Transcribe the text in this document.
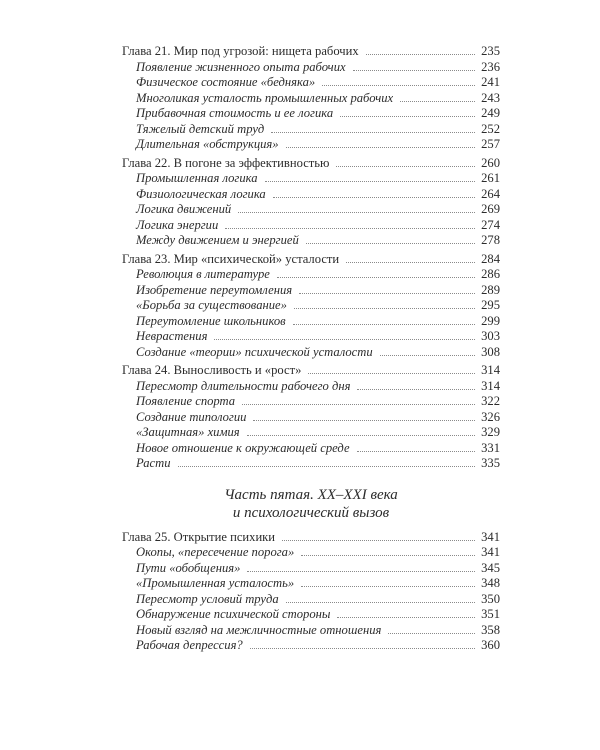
Глава 21. Мир под угрозой: нищета рабочих	235
Появление жизненного опыта рабочих	236
Физическое состояние «бедняка»	241
Многоликая усталость промышленных рабочих	243
Прибавочная стоимость и ее логика	249
Тяжелый детский труд	252
Длительная «обструкция»	257
Глава 22. В погоне за эффективностью	260
Промышленная логика	261
Физиологическая логика	264
Логика движений	269
Логика энергии	274
Между движением и энергией	278
Глава 23. Мир «психической» усталости	284
Революция в литературе	286
Изобретение переутомления	289
«Борьба за существование»	295
Переутомление школьников	299
Неврастения	303
Создание «теории» психической усталости	308
Глава 24. Выносливость и «рост»	314
Пересмотр длительности рабочего дня	314
Появление спорта	322
Создание типологии	326
«Защитная» химия	329
Новое отношение к окружающей среде	331
Расти	335
Часть пятая. XX–XXI века
и психологический вызов
Глава 25. Открытие психики	341
Окопы, «пересечение порога»	341
Пути «обобщения»	345
«Промышленная усталость»	348
Пересмотр условий труда	350
Обнаружение психической стороны	351
Новый взгляд на межличностные отношения	358
Рабочая депрессия?	360
